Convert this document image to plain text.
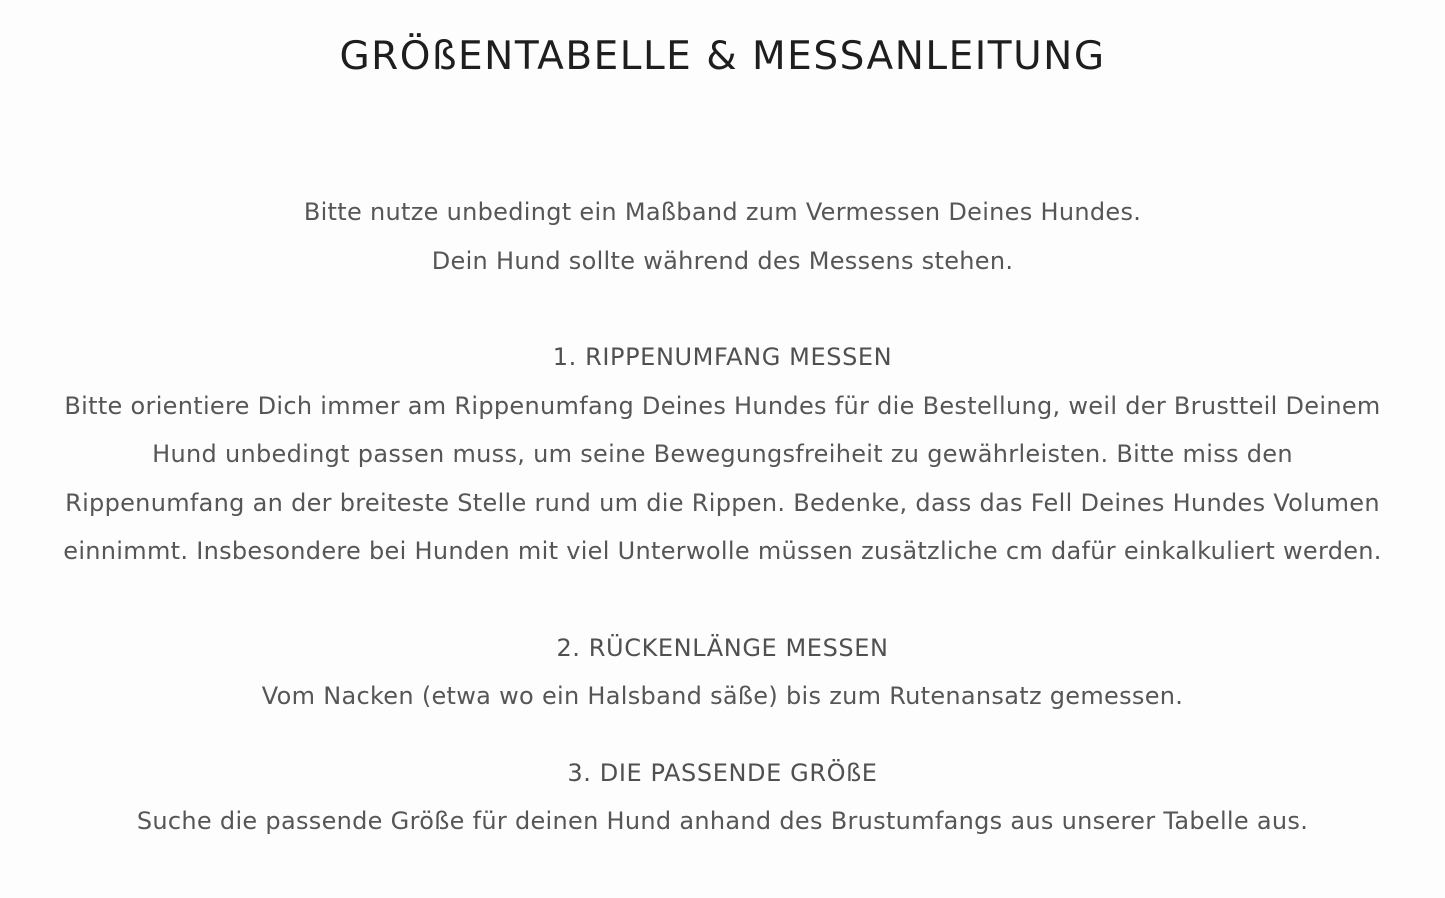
GRÖßENTABELLE & MESSANLEITUNG

Bitte nutze unbedingt ein Maßband zum Vermessen Deines Hundes.

Dein Hund sollte während des Messens stehen.

1. RIPPENUMFANG MESSEN

Bitte orientiere Dich immer am Rippenumfang Deines Hundes für die Bestellung, weil der Brustteil Deinem Hund unbedingt passen muss, um seine Bewegungsfreiheit zu gewährleisten. Bitte miss den Rippenumfang an der breiteste Stelle rund um die Rippen. Bedenke, dass das Fell Deines Hundes Volumen einnimmt. Insbesondere bei Hunden mit viel Unterwolle müssen zusätzliche cm dafür einkalkuliert werden.

2. RÜCKENLÄNGE MESSEN

Vom Nacken (etwa wo ein Halsband säße) bis zum Rutenansatz gemessen.

3. DIE PASSENDE GRÖßE

Suche die passende Größe für deinen Hund anhand des Brustumfangs aus unserer Tabelle aus.
